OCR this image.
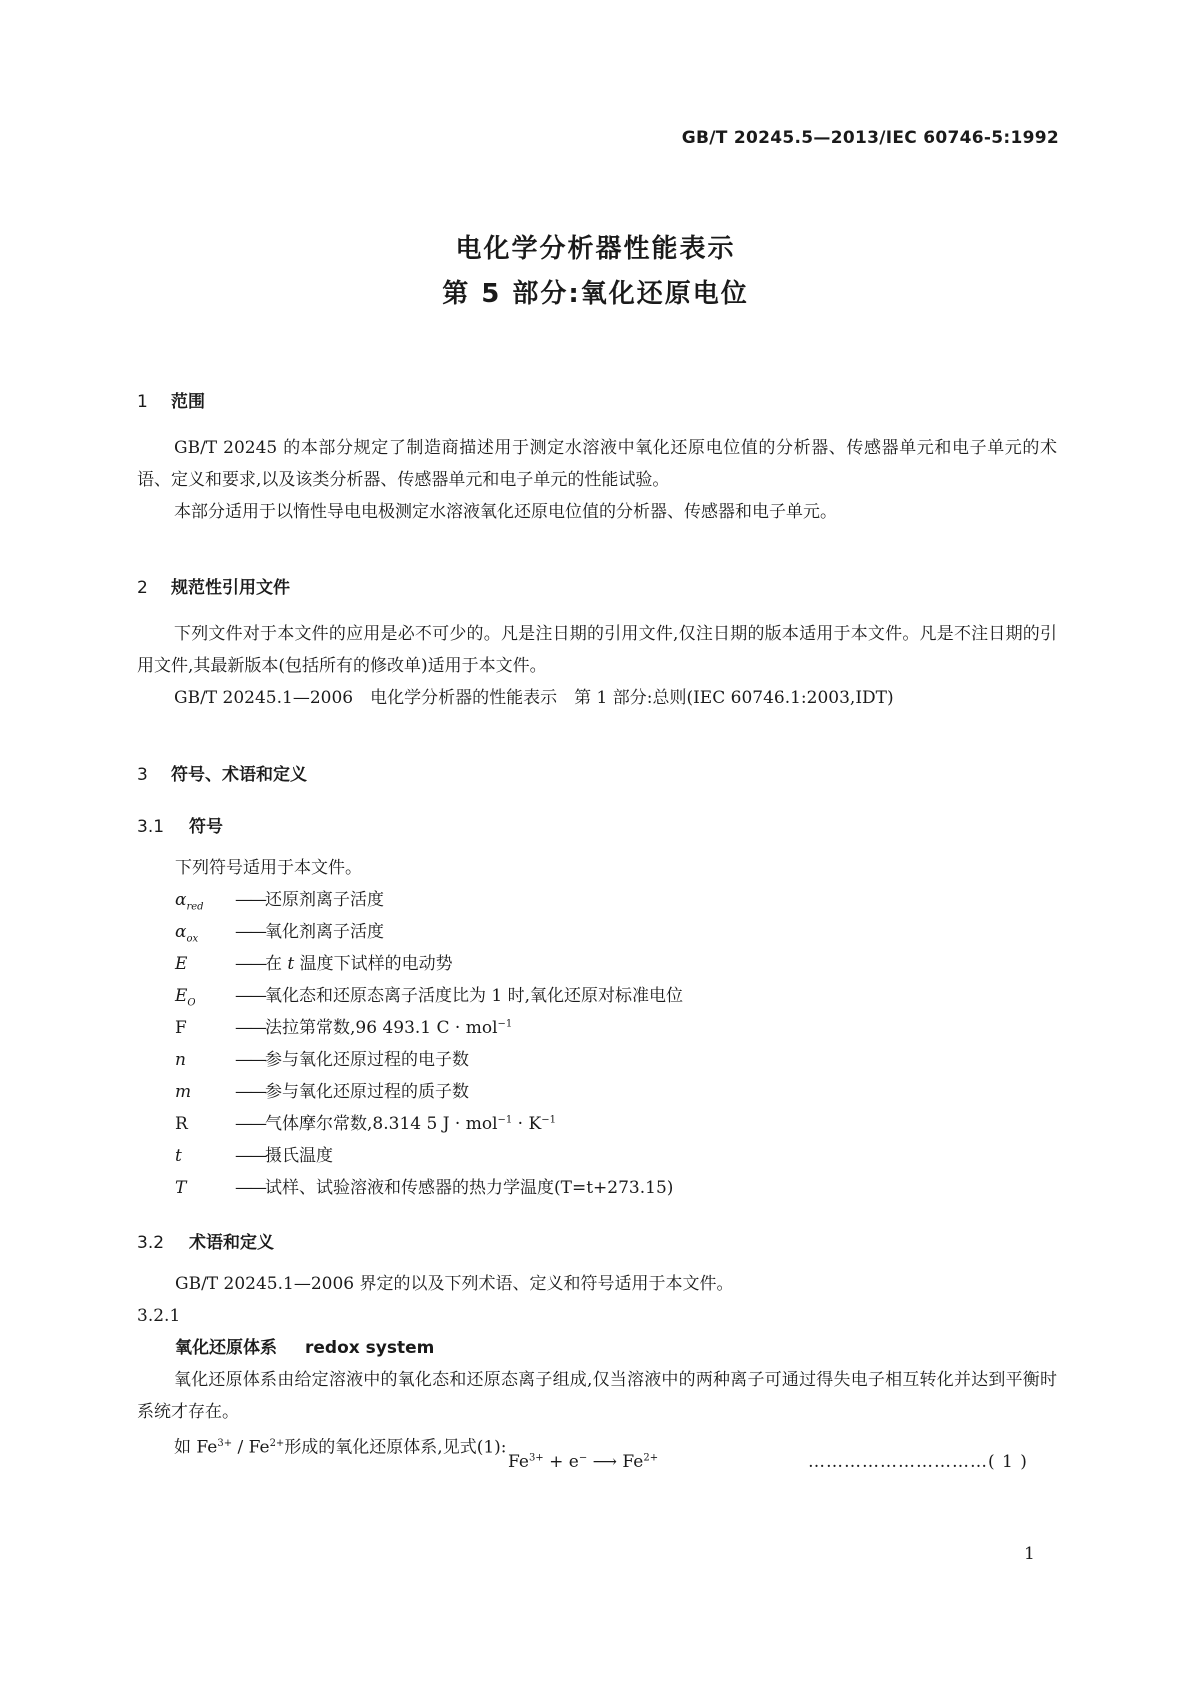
GB/T 20245.5—2013/IEC 60746-5:1992
电化学分析器性能表示
第 5 部分:氧化还原电位
1 范围

GB/T 20245 的本部分规定了制造商描述用于测定水溶液中氧化还原电位值的分析器、传感器单元和电子单元的术语、定义和要求,以及该类分析器、传感器单元和电子单元的性能试验。

本部分适用于以惰性导电电极测定水溶液氧化还原电位值的分析器、传感器和电子单元。

2 规范性引用文件

下列文件对于本文件的应用是必不可少的。凡是注日期的引用文件,仅注日期的版本适用于本文件。凡是不注日期的引用文件,其最新版本(包括所有的修改单)适用于本文件。

GB/T 20245.1—2006　电化学分析器的性能表示　第 1 部分:总则(IEC 60746.1:2003,IDT)

3 符号、术语和定义
3.1 符号
下列符号适用于本文件。
$\alpha_{red}$ ——还原剂离子活度
$\alpha_{ox}$ ——氧化剂离子活度
E	——在 t 温度下试样的电动势
$E_O$ ——氧化态和还原态离子活度比为 1 时,氧化还原对标准电位
F	——法拉第常数,96 493.1 C · mol$^{-1}$
n	——参与氧化还原过程的电子数
m	——参与氧化还原过程的质子数
R	——气体摩尔常数,8.314 5 $J \cdot mol^{-1} \cdot K^{-1}$
t	——摄氏温度
T	——试样、试验溶液和传感器的热力学温度(T=t+273.15)
3.2 术语和定义
GB/T 20245.1—2006 界定的以及下列术语、定义和符号适用于本文件。
3.2.1
氧化还原体系 redox system

氧化还原体系由给定溶液中的氧化态和还原态离子组成,仅当溶液中的两种离子可通过得失电子相互转化并达到平衡时系统才存在。

如 $Fe^{3+} / Fe^{2+}$形成的氧化还原体系,见式(1):

$Fe^{3+} + e^-$ ⟶ $Fe^{2+}$	…………………………( 1 )
1
